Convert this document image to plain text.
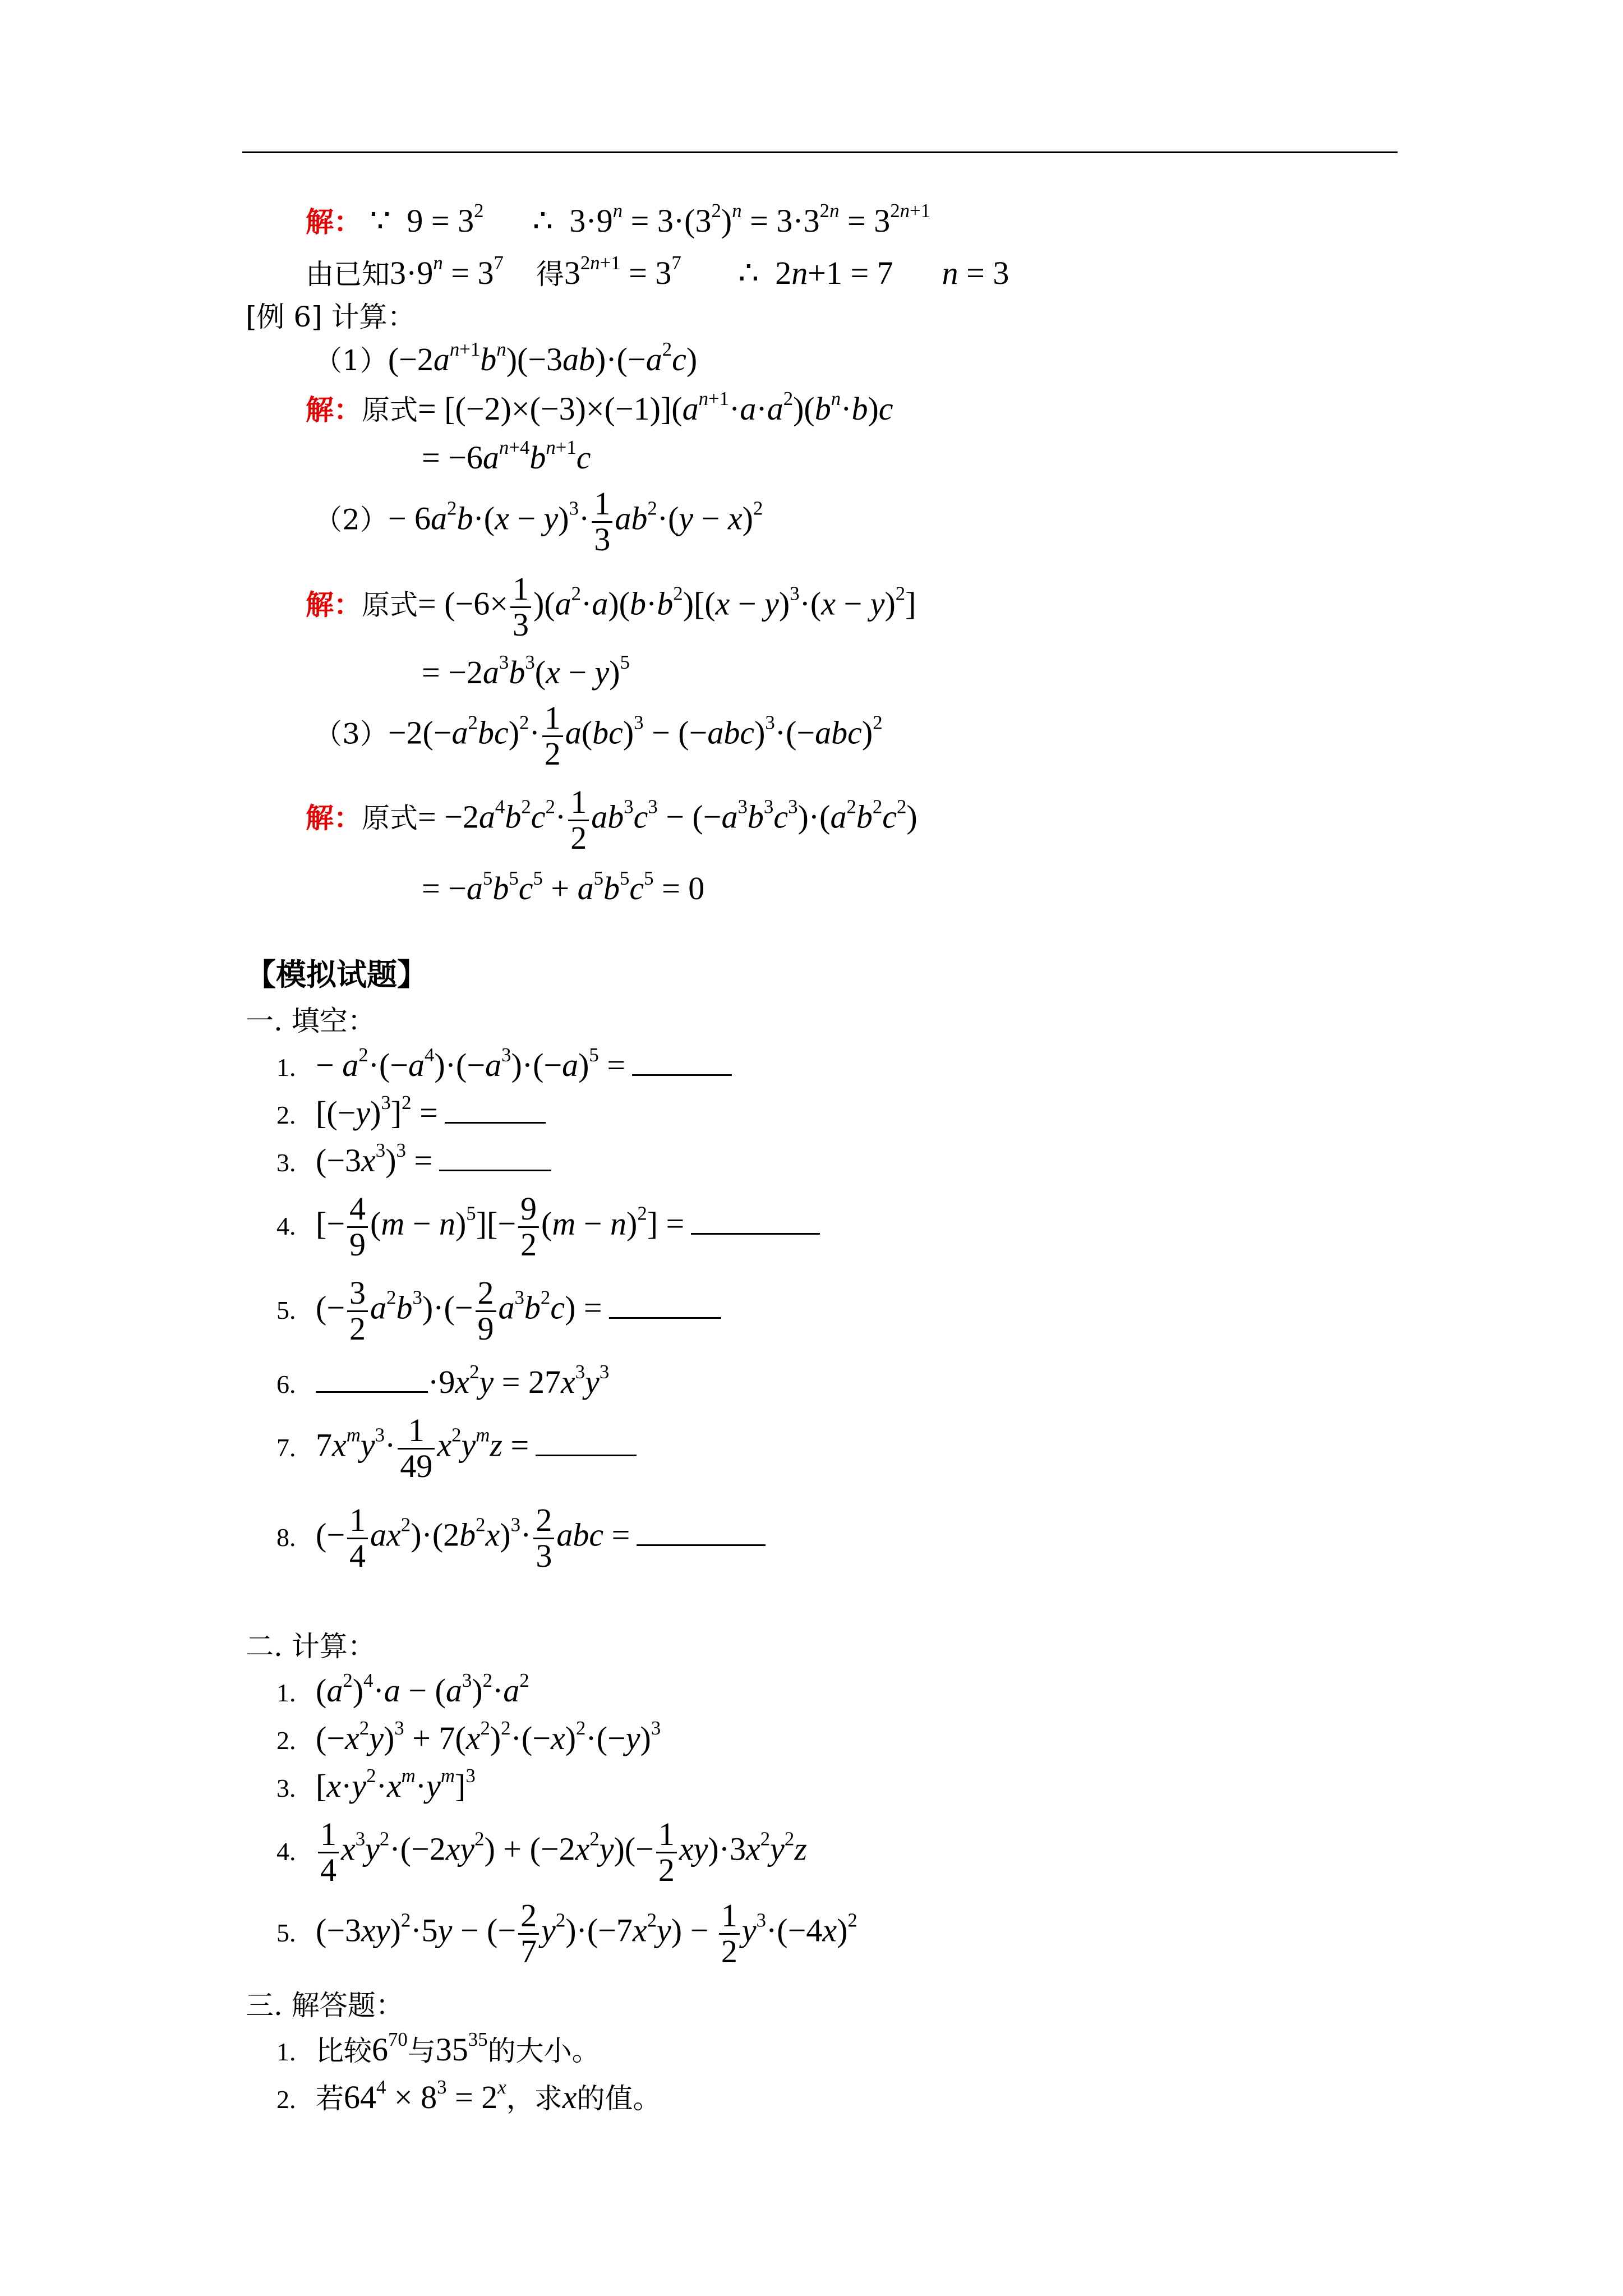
解： ∵  $9 = 3^2$      ∴  $3\cdot 9^n = 3\cdot(3^2)^n = 3\cdot 3^{2n} = 3^{2n+1}$
由已知$3\cdot 9^n = 3^7$ 得$3^{2n+1} = 3^7$       ∴  2n+1 = 7      n = 3
[例 6] 计算：
$(1)(-2a^{n+1}b^n)(-3ab)\cdot(-a^2c)$
解：原式= $[(-2)\times(-3)\times(-1)](a^{n+1}\cdot a\cdot a^2)(b^n\cdot b)c$
= $-6a^{n+4}b^{n+1}c$
$(2)- 6a^2b\cdot(x - y)^3\cdot \frac{1}{3} ab^2\cdot(y - x)^2$
解：原式= $(-6\times \frac{1}{3} )(a^2\cdot a)(b\cdot b^2)[(x - y)^3\cdot(x - y)^2]$
= $-2a^3b^3(x - y)^5$
$(3)-2(-a^2bc)^2\cdot \frac{1}{2} a(bc)^3 - (-abc)^3\cdot(-abc)^2$
解：原式= $-2a^4b^2c^2\cdot \frac{1}{2} ab^3c^3 - (-a^3b^3c^3)\cdot(a^2b^2c^2)$
= $-a^5b^5c^5 + a^5b^5c^5 = 0$
【模拟试题】
一. 填空：
1. − $a^2\cdot(-a^4)\cdot(-a^3)\cdot(-a)^5$ =
2. $[(-y)^3]^2$ =
3. $(-3x^3)^3$ =
4. [− $\frac{4}{9} (m - n)^5][- \frac{9}{2} (m - n)^2]$ =
5. (− $\frac{3}{2} a^2b^3)\cdot(- \frac{2}{9} a^3b^2c)$ =
6.	$\cdot 9x^2y = 27x^3y^3$
7. $7x^my^3\cdot \frac{1}{49} x^2y^mz$ =
8. (− $\frac{1}{4} ax^2)\cdot(2b^2x)^3\cdot \frac{2}{3}$ abc =
二. 计算：
1. $(a^2)^4\cdot a - (a^3)^2\cdot a^2$
2. $(-x^2y)^3 + 7(x^2)^2\cdot(-x)^2\cdot(-y)^3$
3. $[x\cdot y^2\cdot x^m\cdot y^m]^3$
4. $\frac{1}{4} x^3y^2\cdot(-2xy^2) + (-2x^2y)(- \frac{1}{2} xy)\cdot 3x^2y^2z$
5. $(-3xy)^2\cdot 5y$ − (− $\frac{2}{7} y^2)\cdot(-7x^2y) - \frac{1}{2} y^3\cdot(-4x)^2$
三. 解答题：
1. 比较$6^{70}$与$35^{35}$的大小。
2. 若$64^4 \times 8^3 = 2^x$，求x的值。
